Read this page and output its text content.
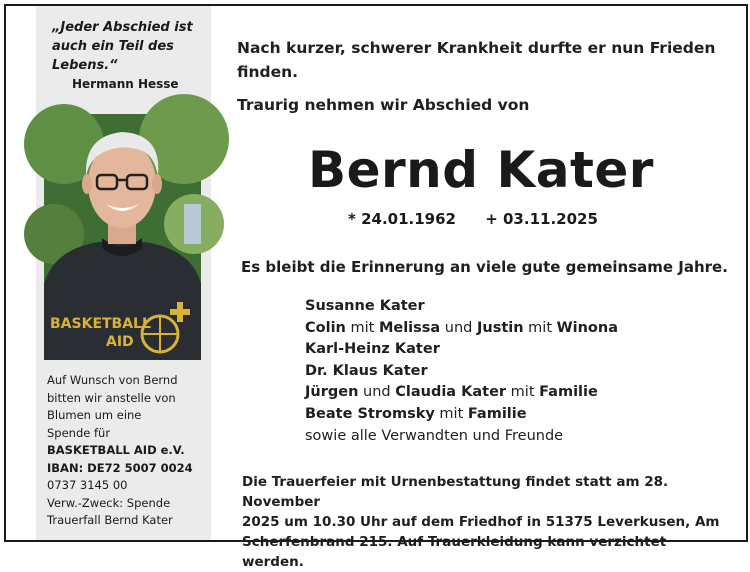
„Jeder Abschied ist
auch ein Teil des
Lebens.“
Hermann Hesse
BASKETBALL
AID
Auf Wunsch von Bernd
bitten wir anstelle von
Blumen um eine
Spende für
BASKETBALL AID e.V.
IBAN: DE72 5007 0024
0737 3145 00
Verw.-Zweck: Spende
Trauerfall Bernd Kater
Nach kurzer, schwerer Krankheit durfte er nun Frieden
finden.
Traurig nehmen wir Abschied von
Bernd Kater
* 24.01.1962 + 03.11.2025
Es bleibt die Erinnerung an viele gute gemeinsame Jahre.
Susanne Kater
Colin mit Melissa und Justin mit Winona
Karl-Heinz Kater
Dr. Klaus Kater
Jürgen und Claudia Kater mit Familie
Beate Stromsky mit Familie
sowie alle Verwandten und Freunde
Die Trauerfeier mit Urnenbestattung findet statt am 28. November
2025 um 10.30 Uhr auf dem Friedhof in 51375 Leverkusen, Am
Scherfenbrand 215. Auf Trauerkleidung kann verzichtet werden.
